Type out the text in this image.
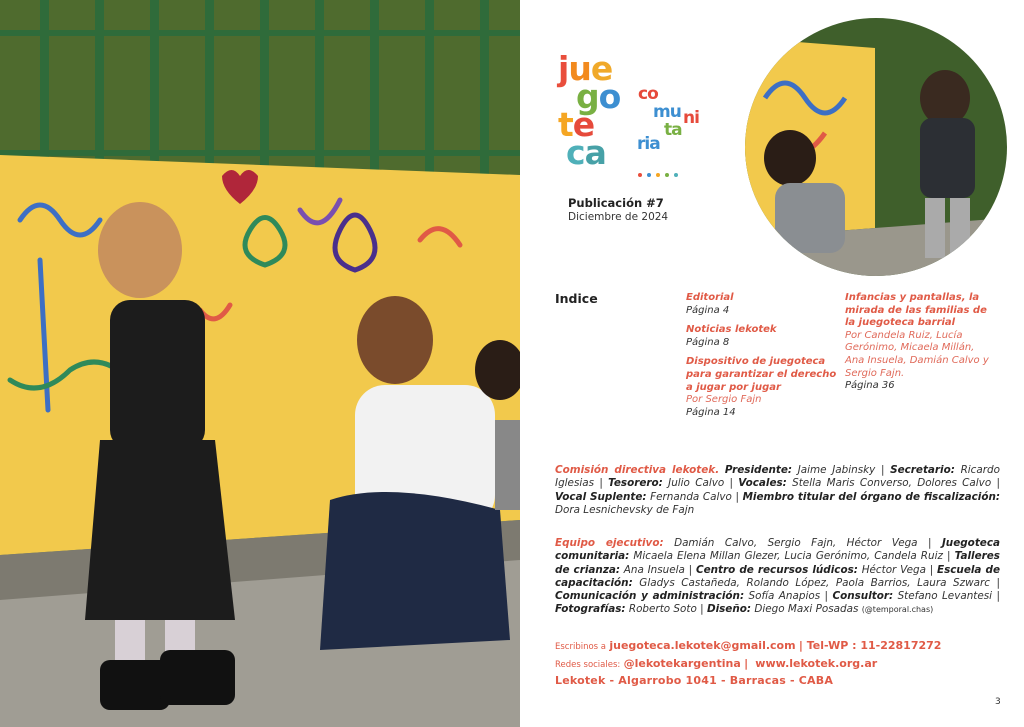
jue
go
te
ca
co
mu ni
ta
ria
Publicación #7
Diciembre de 2024
Indice	Editorial
Página 4
Noticias lekotek
Página 8
Dispositivo de juegoteca para garantizar el derecho a jugar por jugar
Por Sergio Fajn
Página 14
Infancias y pantallas, la mirada de las familias de la juegoteca barrial
Por Candela Ruiz, Lucía Gerónimo, Micaela Millán, Ana Insuela, Damián Calvo y Sergio Fajn.
Página 36
Comisión directiva lekotek. Presidente: Jaime Jabinsky | Secretario: Ricardo Iglesias | Tesorero: Julio Calvo | Vocales: Stella Maris Converso, Dolores Calvo | Vocal Suplente: Fernanda Calvo | Miembro titular del órgano de fiscalización: Dora Lesnichevsky de Fajn
Equipo ejecutivo: Damián Calvo, Sergio Fajn, Héctor Vega | Juegoteca comunitaria: Micaela Elena Millan Glezer, Lucia Gerónimo, Candela Ruiz | Talleres de crianza: Ana Insuela | Centro de recursos lúdicos: Héctor Vega | Escuela de capacitación: Gladys Castañeda, Rolando López, Paola Barrios, Laura Szwarc | Comunicación y administración: Sofía Anapios | Consultor: Stefano Levantesi | Fotografías: Roberto Soto | Diseño: Diego Maxi Posadas (@temporal.chas)
Escribinos a juegoteca.lekotek@gmail.com | Tel-WP : 11-22817272
Redes sociales: @lekotekargentina |  www.lekotek.org.ar
Lekotek - Algarrobo 1041 - Barracas - CABA
3
